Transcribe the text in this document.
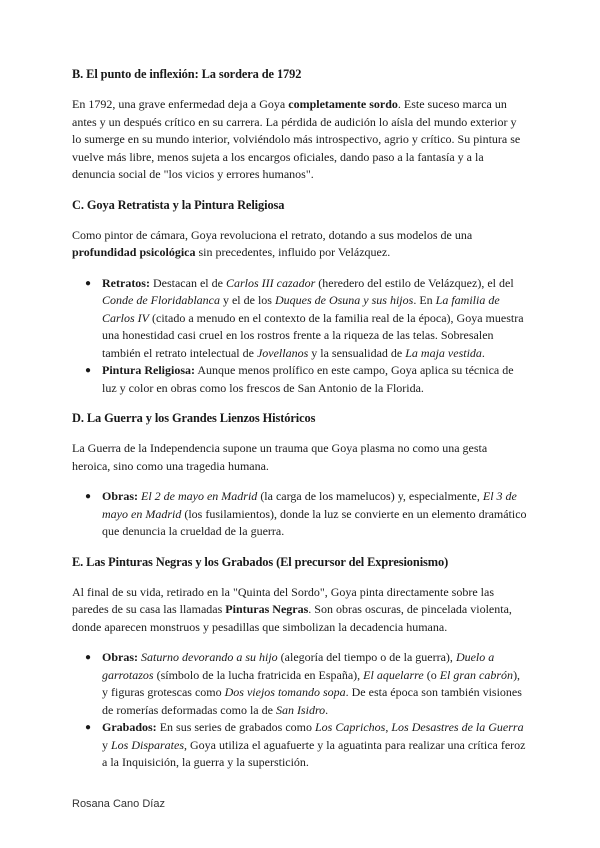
B. El punto de inflexión: La sordera de 1792

En 1792, una grave enfermedad deja a Goya completamente sordo. Este suceso marca un antes y un después crítico en su carrera. La pérdida de audición lo aísla del mundo exterior y lo sumerge en su mundo interior, volviéndolo más introspectivo, agrio y crítico. Su pintura se vuelve más libre, menos sujeta a los encargos oficiales, dando paso a la fantasía y a la denuncia social de "los vicios y errores humanos".

C. Goya Retratista y la Pintura Religiosa

Como pintor de cámara, Goya revoluciona el retrato, dotando a sus modelos de una profundidad psicológica sin precedentes, influido por Velázquez.

● Retratos: Destacan el de Carlos III cazador (heredero del estilo de Velázquez), el del Conde de Floridablanca y el de los Duques de Osuna y sus hijos. En La familia de Carlos IV (citado a menudo en el contexto de la familia real de la época), Goya muestra una honestidad casi cruel en los rostros frente a la riqueza de las telas. Sobresalen también el retrato intelectual de Jovellanos y la sensualidad de La maja vestida.
● Pintura Religiosa: Aunque menos prolífico en este campo, Goya aplica su técnica de luz y color en obras como los frescos de San Antonio de la Florida.
D. La Guerra y los Grandes Lienzos Históricos

La Guerra de la Independencia supone un trauma que Goya plasma no como una gesta heroica, sino como una tragedia humana.

● Obras: El 2 de mayo en Madrid (la carga de los mamelucos) y, especialmente, El 3 de mayo en Madrid (los fusilamientos), donde la luz se convierte en un elemento dramático que denuncia la crueldad de la guerra.
E. Las Pinturas Negras y los Grabados (El precursor del Expresionismo)

Al final de su vida, retirado en la "Quinta del Sordo", Goya pinta directamente sobre las paredes de su casa las llamadas Pinturas Negras. Son obras oscuras, de pincelada violenta, donde aparecen monstruos y pesadillas que simbolizan la decadencia humana.

● Obras: Saturno devorando a su hijo (alegoría del tiempo o de la guerra), Duelo a garrotazos (símbolo de la lucha fratricida en España), El aquelarre (o El gran cabrón), y figuras grotescas como Dos viejos tomando sopa. De esta época son también visiones de romerías deformadas como la de San Isidro.
● Grabados: En sus series de grabados como Los Caprichos, Los Desastres de la Guerra y Los Disparates, Goya utiliza el aguafuerte y la aguatinta para realizar una crítica feroz a la Inquisición, la guerra y la superstición.
Rosana Cano Díaz
